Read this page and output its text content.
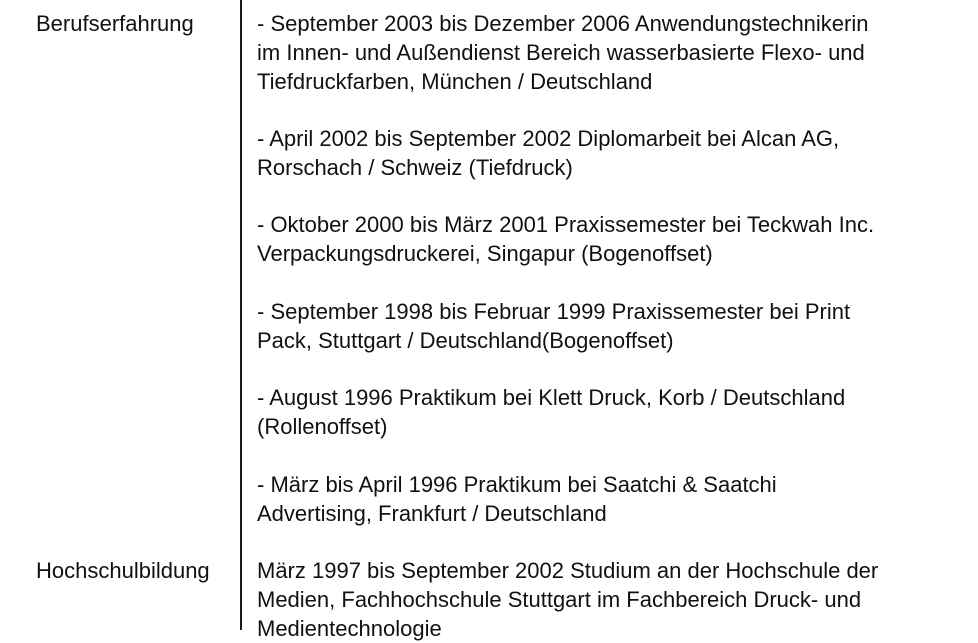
Berufserfahrung	- September 2003 bis Dezember 2006 Anwendungstechnikerin
im Innen- und Außendienst Bereich wasserbasierte Flexo- und
Tiefdruckfarben, München / Deutschland
- April 2002 bis September 2002 Diplomarbeit bei Alcan AG,
Rorschach / Schweiz (Tiefdruck)
- Oktober 2000 bis März 2001 Praxissemester bei Teckwah Inc.
Verpackungsdruckerei, Singapur (Bogenoffset)
- September 1998 bis Februar 1999 Praxissemester bei Print
Pack, Stuttgart / Deutschland(Bogenoffset)
- August 1996 Praktikum bei Klett Druck, Korb / Deutschland
(Rollenoffset)
- März bis April 1996 Praktikum bei Saatchi & Saatchi
Advertising, Frankfurt / Deutschland
Hochschulbildung März 1997 bis September 2002 Studium an der Hochschule der
Medien, Fachhochschule Stuttgart im Fachbereich Druck- und
Medientechnologie
